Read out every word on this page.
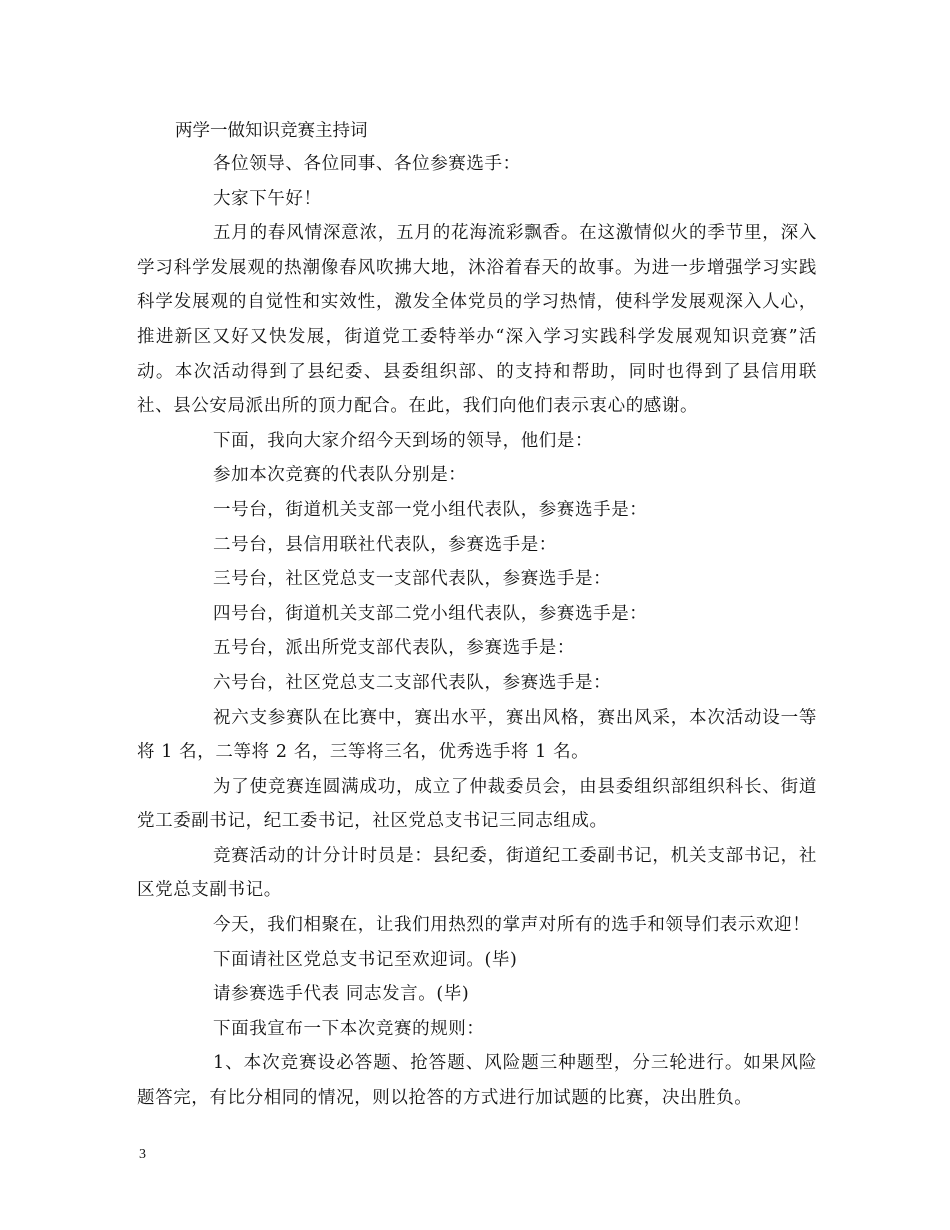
两学一做知识竞赛主持词

各位领导、各位同事、各位参赛选手：

大家下午好！

五月的春风情深意浓，五月的花海流彩飘香。在这激情似火的季节里，深入学习科学发展观的热潮像春风吹拂大地，沐浴着春天的故事。为进一步增强学习实践科学发展观的自觉性和实效性，激发全体党员的学习热情，使科学发展观深入人心，推进新区又好又快发展，街道党工委特举办“深入学习实践科学发展观知识竞赛”活动。本次活动得到了县纪委、县委组织部、的支持和帮助，同时也得到了县信用联社、县公安局派出所的顶力配合。在此，我们向他们表示衷心的感谢。

下面，我向大家介绍今天到场的领导，他们是：

参加本次竞赛的代表队分别是：

一号台，街道机关支部一党小组代表队，参赛选手是：

二号台，县信用联社代表队，参赛选手是：

三号台，社区党总支一支部代表队，参赛选手是：

四号台，街道机关支部二党小组代表队，参赛选手是：

五号台，派出所党支部代表队，参赛选手是：

六号台，社区党总支二支部代表队，参赛选手是：

祝六支参赛队在比赛中，赛出水平，赛出风格，赛出风采，本次活动设一等将 1 名，二等将 2 名，三等将三名，优秀选手将 1 名。

为了使竞赛连圆满成功，成立了仲裁委员会，由县委组织部组织科长、街道党工委副书记，纪工委书记，社区党总支书记三同志组成。

竞赛活动的计分计时员是：县纪委，街道纪工委副书记，机关支部书记，社区党总支副书记。

今天，我们相聚在，让我们用热烈的掌声对所有的选手和领导们表示欢迎！

下面请社区党总支书记至欢迎词。(毕)

请参赛选手代表 同志发言。(毕)

下面我宣布一下本次竞赛的规则：

1、本次竞赛设必答题、抢答题、风险题三种题型，分三轮进行。如果风险题答完，有比分相同的情况，则以抢答的方式进行加试题的比赛，决出胜负。

3
